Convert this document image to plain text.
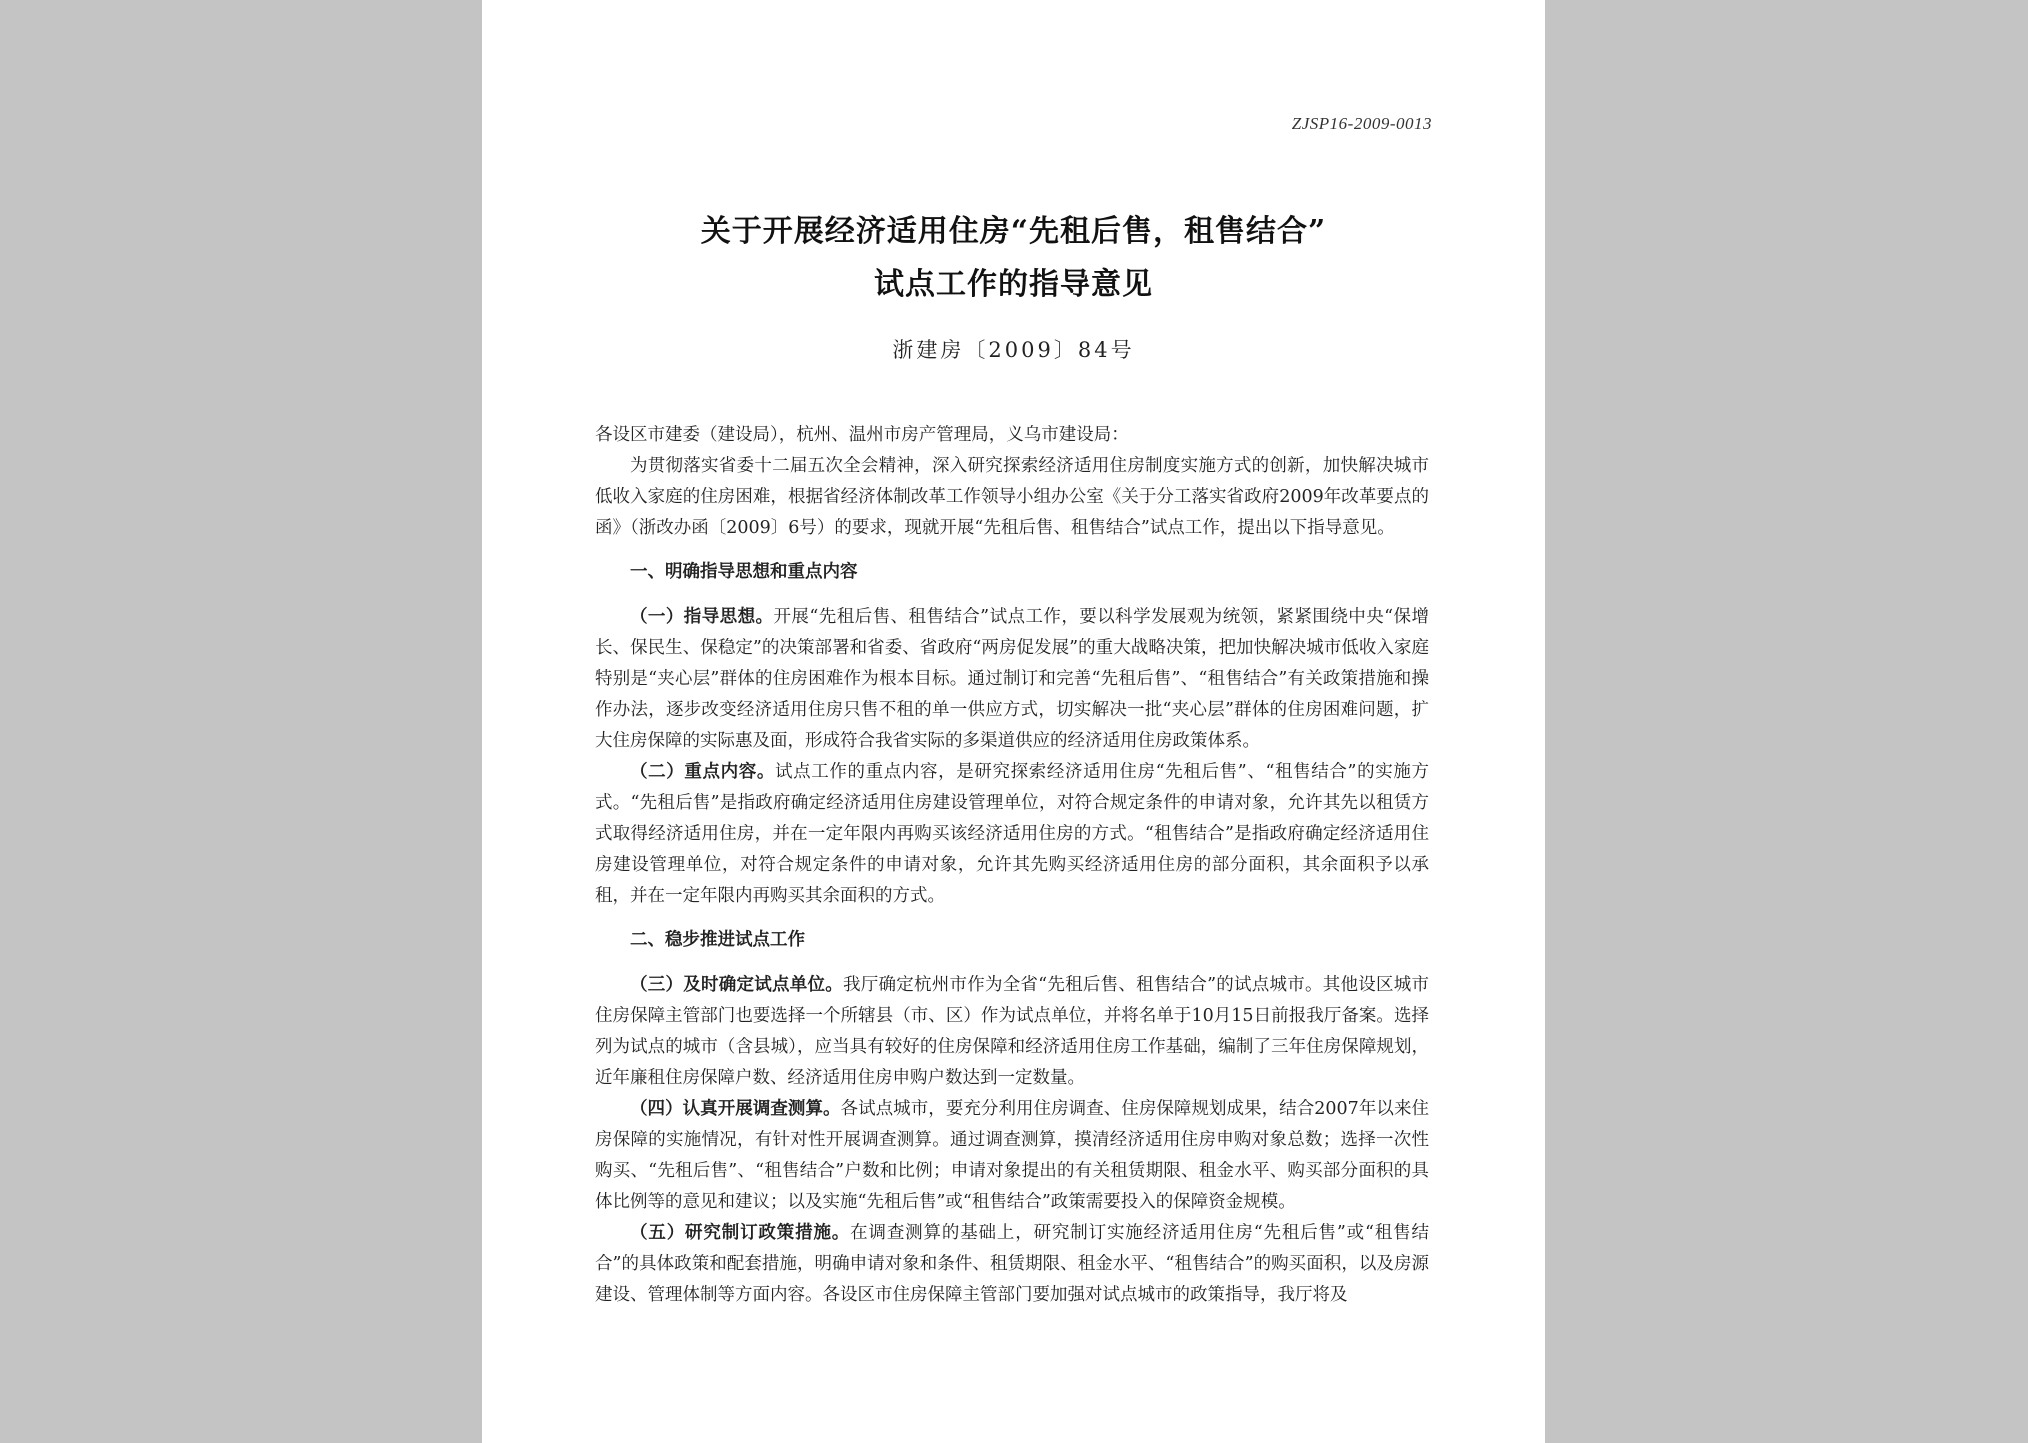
ZJSP16-2009-0013
关于开展经济适用住房“先租后售，租售结合”
试点工作的指导意见
浙建房〔2009〕84号

各设区市建委（建设局），杭州、温州市房产管理局，义乌市建设局：

为贯彻落实省委十二届五次全会精神，深入研究探索经济适用住房制度实施方式的创新，加快解决城市低收入家庭的住房困难，根据省经济体制改革工作领导小组办公室《关于分工落实省政府2009年改革要点的函》（浙改办函〔2009〕6号）的要求，现就开展“先租后售、租售结合”试点工作，提出以下指导意见。

一、明确指导思想和重点内容

（一）指导思想。开展“先租后售、租售结合”试点工作，要以科学发展观为统领，紧紧围绕中央“保增长、保民生、保稳定”的决策部署和省委、省政府“两房促发展”的重大战略决策，把加快解决城市低收入家庭特别是“夹心层”群体的住房困难作为根本目标。通过制订和完善“先租后售”、“租售结合”有关政策措施和操作办法，逐步改变经济适用住房只售不租的单一供应方式，切实解决一批“夹心层”群体的住房困难问题，扩大住房保障的实际惠及面，形成符合我省实际的多渠道供应的经济适用住房政策体系。

（二）重点内容。试点工作的重点内容，是研究探索经济适用住房“先租后售”、“租售结合”的实施方式。“先租后售”是指政府确定经济适用住房建设管理单位，对符合规定条件的申请对象，允许其先以租赁方式取得经济适用住房，并在一定年限内再购买该经济适用住房的方式。“租售结合”是指政府确定经济适用住房建设管理单位，对符合规定条件的申请对象，允许其先购买经济适用住房的部分面积，其余面积予以承租，并在一定年限内再购买其余面积的方式。

二、稳步推进试点工作

（三）及时确定试点单位。我厅确定杭州市作为全省“先租后售、租售结合”的试点城市。其他设区城市住房保障主管部门也要选择一个所辖县（市、区）作为试点单位，并将名单于10月15日前报我厅备案。选择列为试点的城市（含县城），应当具有较好的住房保障和经济适用住房工作基础，编制了三年住房保障规划，近年廉租住房保障户数、经济适用住房申购户数达到一定数量。

（四）认真开展调查测算。各试点城市，要充分利用住房调查、住房保障规划成果，结合2007年以来住房保障的实施情况，有针对性开展调查测算。通过调查测算，摸清经济适用住房申购对象总数；选择一次性购买、“先租后售”、“租售结合”户数和比例；申请对象提出的有关租赁期限、租金水平、购买部分面积的具体比例等的意见和建议；以及实施“先租后售”或“租售结合”政策需要投入的保障资金规模。

（五）研究制订政策措施。在调查测算的基础上，研究制订实施经济适用住房“先租后售”或“租售结合”的具体政策和配套措施，明确申请对象和条件、租赁期限、租金水平、“租售结合”的购买面积，以及房源建设、管理体制等方面内容。各设区市住房保障主管部门要加强对试点城市的政策指导，我厅将及
